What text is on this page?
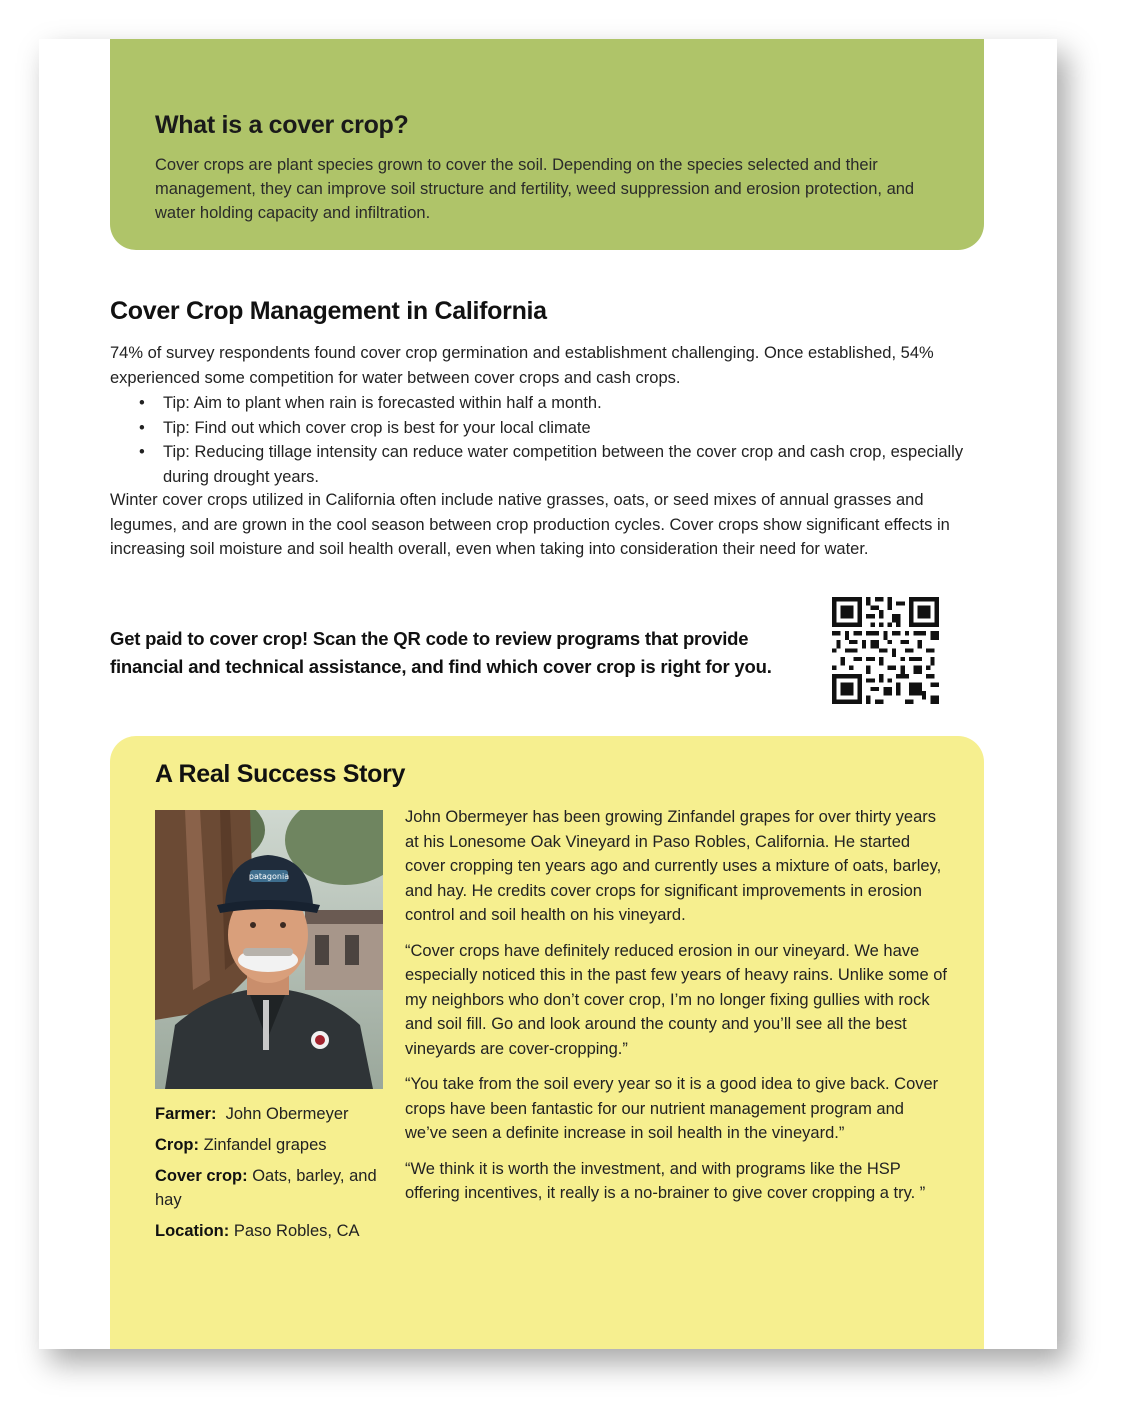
What is a cover crop?

Cover crops are plant species grown to cover the soil. Depending on the species selected and their management, they can improve soil structure and fertility, weed suppression and erosion protection, and water holding capacity and infiltration.

Cover Crop Management in California

74% of survey respondents found cover crop germination and establishment challenging. Once established, 54% experienced some competition for water between cover crops and cash crops.

• Tip: Aim to plant when rain is forecasted within half a month.
• Tip: Find out which cover crop is best for your local climate
• Tip: Reducing tillage intensity can reduce water competition between the cover crop and cash crop, especially during drought years.

Winter cover crops utilized in California often include native grasses, oats, or seed mixes of annual grasses and legumes, and are grown in the cool season between crop production cycles. Cover crops show significant effects in increasing soil moisture and soil health overall, even when taking into consideration their need for water.

Get paid to cover crop! Scan the QR code to review programs that provide financial and technical assistance, and find which cover crop is right for you.

A Real Success Story
patagonia
Farmer: John Obermeyer
Crop: Zinfandel grapes
Cover crop: Oats, barley, and hay
Location: Paso Robles, CA

John Obermeyer has been growing Zinfandel grapes for over thirty years at his Lonesome Oak Vineyard in Paso Robles, California. He started cover cropping ten years ago and currently uses a mixture of oats, barley, and hay. He credits cover crops for significant improvements in erosion control and soil health on his vineyard.

“Cover crops have definitely reduced erosion in our vineyard. We have especially noticed this in the past few years of heavy rains. Unlike some of my neighbors who don’t cover crop, I’m no longer fixing gullies with rock and soil fill. Go and look around the county and you’ll see all the best vineyards are cover-cropping.”

“You take from the soil every year so it is a good idea to give back. Cover crops have been fantastic for our nutrient management program and we’ve seen a definite increase in soil health in the vineyard.”

“We think it is worth the investment, and with programs like the HSP offering incentives, it really is a no-brainer to give cover cropping a try. ”
